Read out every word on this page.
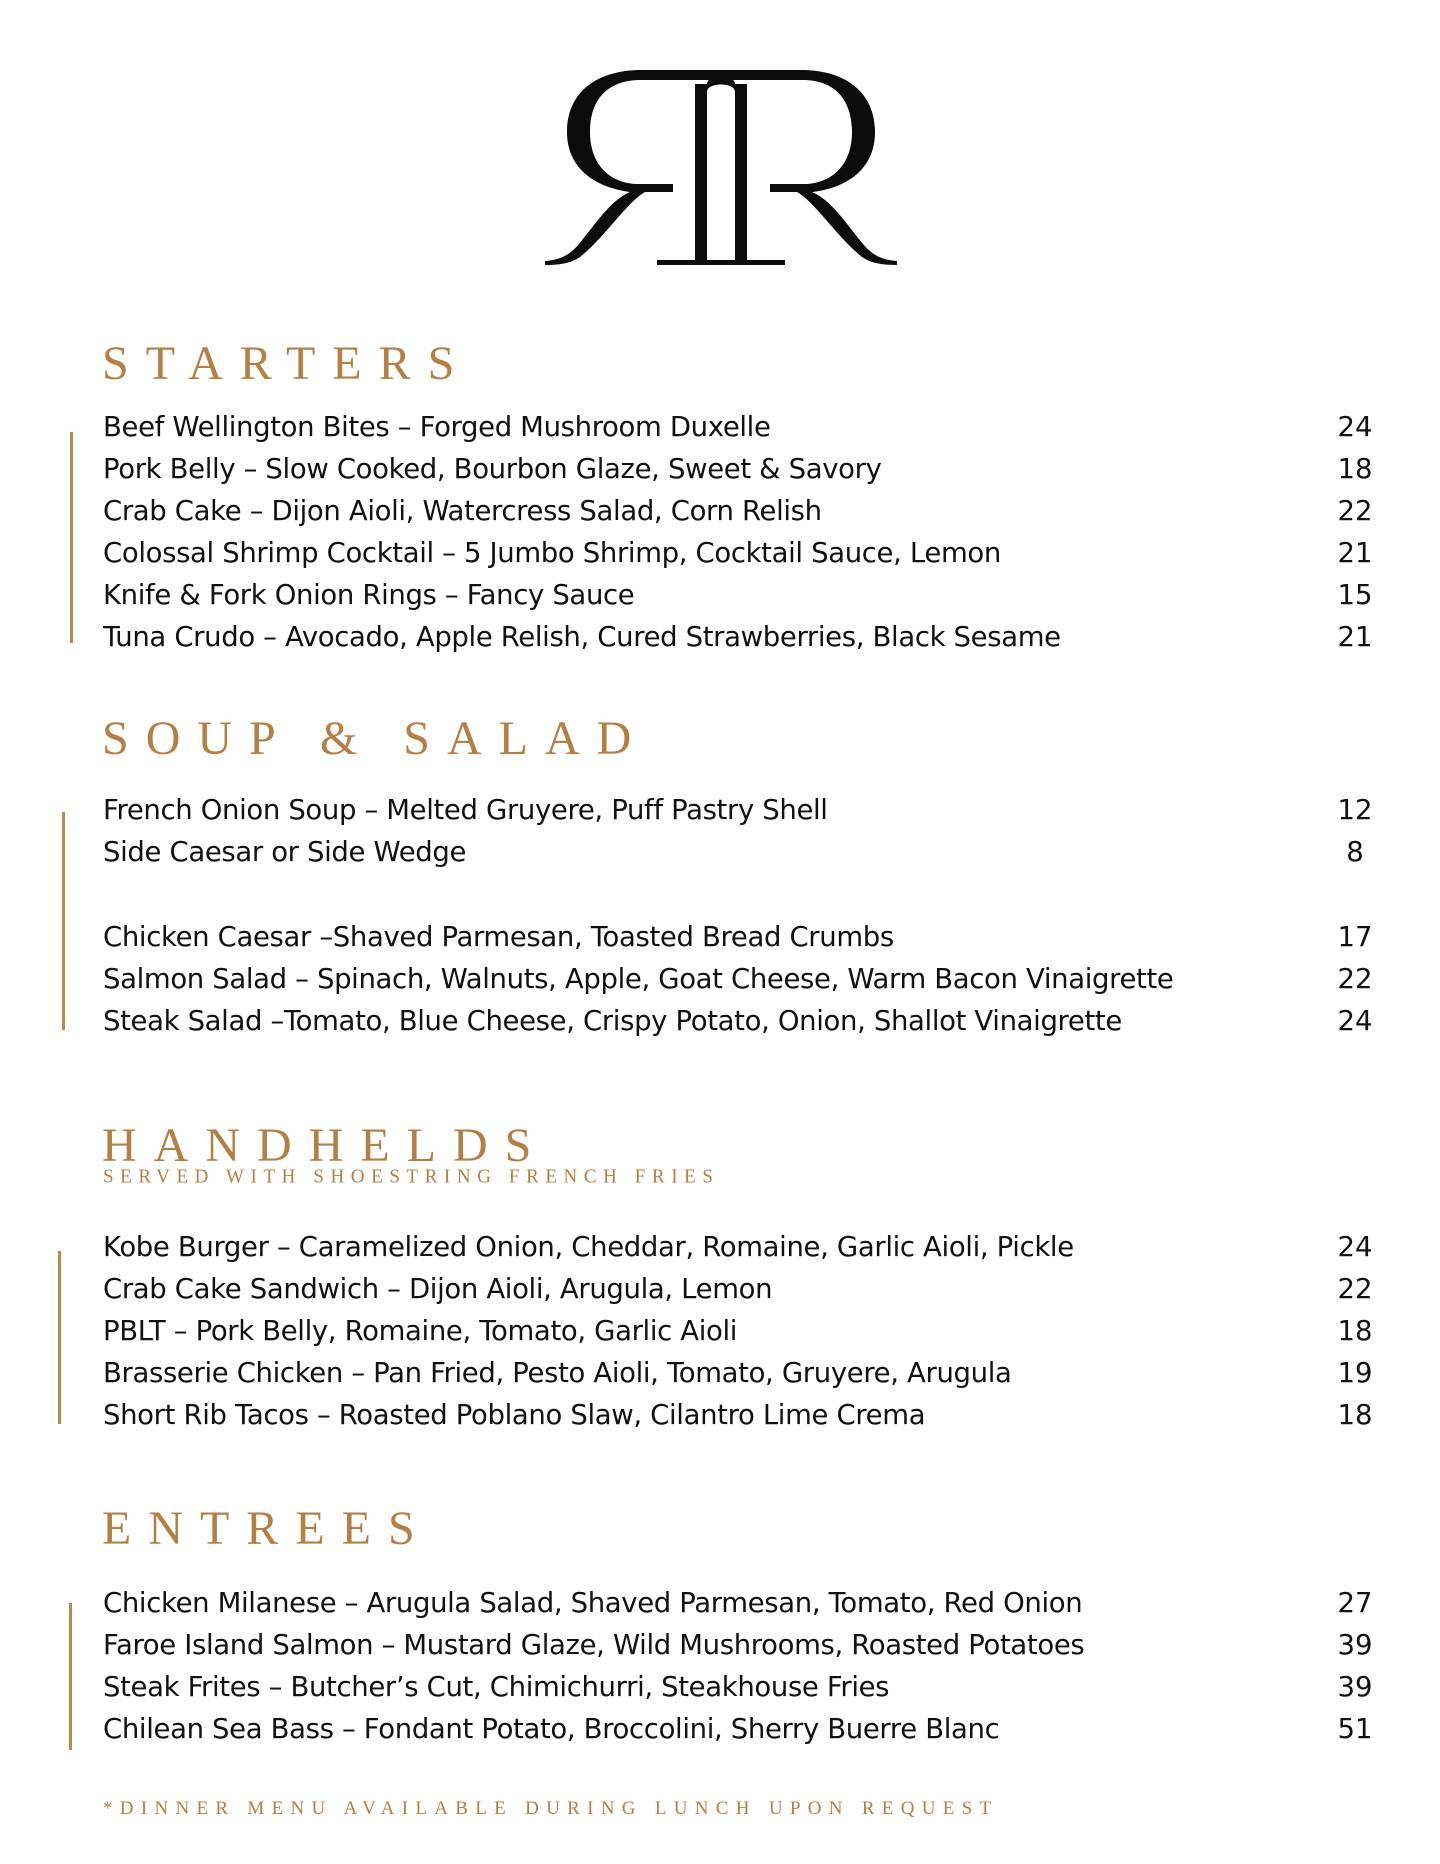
STARTERS
Beef Wellington Bites – Forged Mushroom Duxelle	24
Pork Belly – Slow Cooked, Bourbon Glaze, Sweet & Savory	18
Crab Cake – Dijon Aioli, Watercress Salad, Corn Relish	22
Colossal Shrimp Cocktail – 5 Jumbo Shrimp, Cocktail Sauce, Lemon	21
Knife & Fork Onion Rings – Fancy Sauce	15
Tuna Crudo – Avocado, Apple Relish, Cured Strawberries, Black Sesame	21
SOUP & SALAD
French Onion Soup – Melted Gruyere, Puff Pastry Shell	12
Side Caesar or Side Wedge	8
Chicken Caesar –Shaved Parmesan, Toasted Bread Crumbs	17
Salmon Salad – Spinach, Walnuts, Apple, Goat Cheese, Warm Bacon Vinaigrette	22
Steak Salad –Tomato, Blue Cheese, Crispy Potato, Onion, Shallot Vinaigrette	24
HANDHELDS

SERVED WITH SHOESTRING FRENCH FRIES

Kobe Burger – Caramelized Onion, Cheddar, Romaine, Garlic Aioli, Pickle	24
Crab Cake Sandwich – Dijon Aioli, Arugula, Lemon	22
PBLT – Pork Belly, Romaine, Tomato, Garlic Aioli	18
Brasserie Chicken – Pan Fried, Pesto Aioli, Tomato, Gruyere, Arugula	19
Short Rib Tacos – Roasted Poblano Slaw, Cilantro Lime Crema	18
ENTREES
Chicken Milanese – Arugula Salad, Shaved Parmesan, Tomato, Red Onion	27
Faroe Island Salmon – Mustard Glaze, Wild Mushrooms, Roasted Potatoes	39
Steak Frites – Butcher’s Cut, Chimichurri, Steakhouse Fries	39
Chilean Sea Bass – Fondant Potato, Broccolini, Sherry Buerre Blanc	51

*DINNER MENU AVAILABLE DURING LUNCH UPON REQUEST
